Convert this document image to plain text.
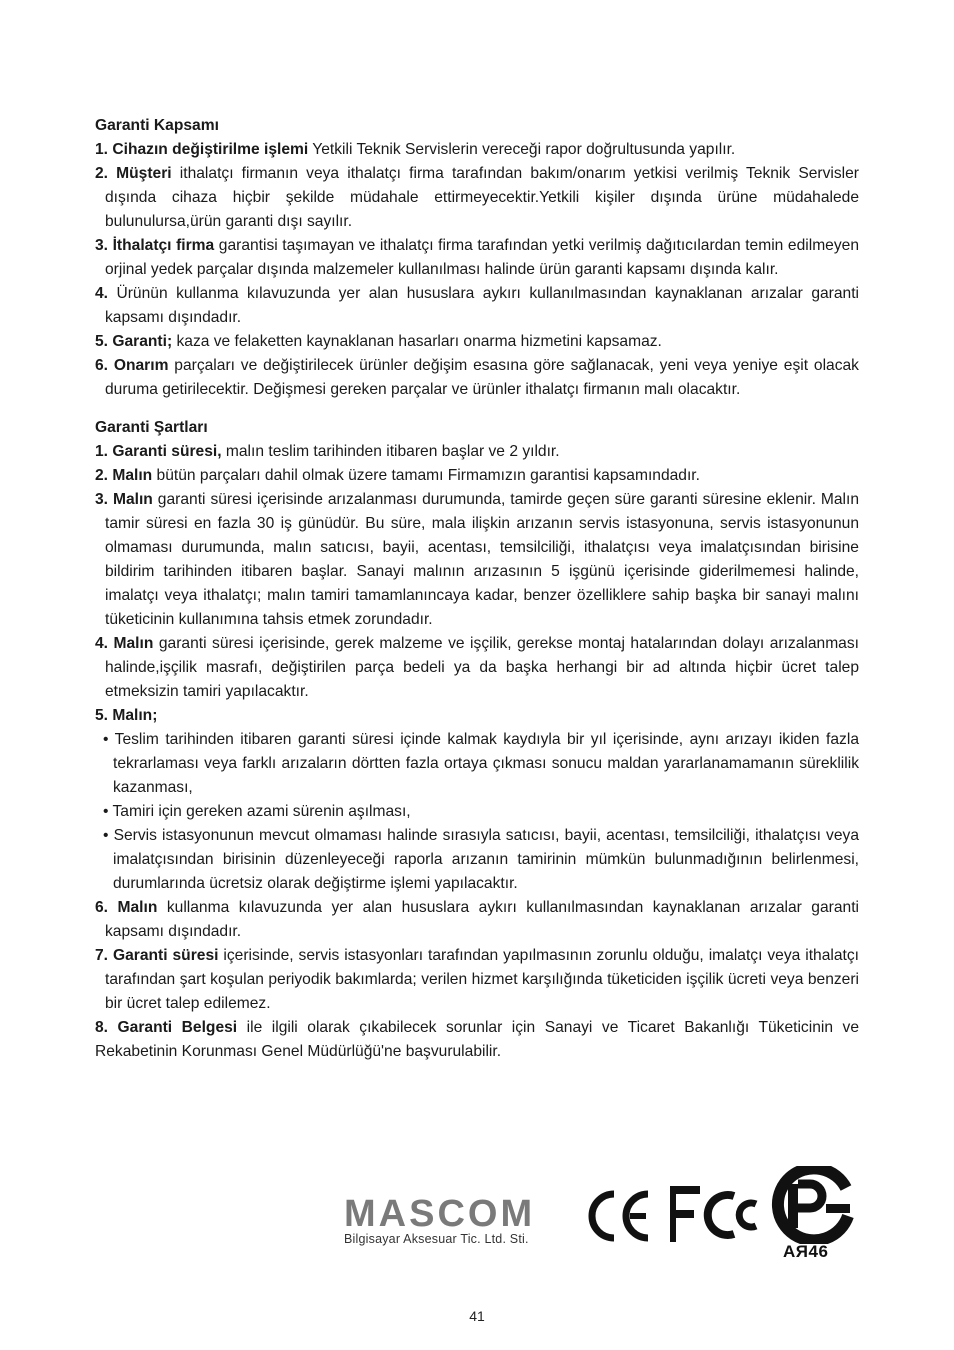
Garanti Kapsamı

1. Cihazın değiştirilme işlemi Yetkili Teknik Servislerin vereceği rapor doğrultusunda yapılır.

2. Müşteri ithalatçı firmanın veya ithalatçı firma tarafından bakım/onarım yetkisi verilmiş Teknik Servisler dışında cihaza hiçbir şekilde müdahale ettirmeyecektir.Yetkili kişiler dışında ürüne müdahalede bulunulursa,ürün garanti dışı sayılır.

3. İthalatçı firma garantisi taşımayan ve ithalatçı firma tarafından yetki verilmiş dağıtıcılardan temin edilmeyen orjinal yedek parçalar dışında malzemeler kullanılması halinde ürün garanti kapsamı dışında kalır.

4. Ürünün kullanma kılavuzunda yer alan hususlara aykırı kullanılmasından kaynaklanan arızalar garanti kapsamı dışındadır.

5. Garanti; kaza ve felaketten kaynaklanan hasarları onarma hizmetini kapsamaz.

6. Onarım parçaları ve değiştirilecek ürünler değişim esasına göre sağlanacak, yeni veya yeniye eşit olacak duruma getirilecektir. Değişmesi gereken parçalar ve ürünler ithalatçı firmanın malı olacaktır.

Garanti Şartları

1. Garanti süresi, malın teslim tarihinden itibaren başlar ve 2 yıldır.

2. Malın bütün parçaları dahil olmak üzere tamamı Firmamızın garantisi kapsamındadır.

3. Malın garanti süresi içerisinde arızalanması durumunda, tamirde geçen süre garanti süresine eklenir. Malın tamir süresi en fazla 30 iş günüdür. Bu süre, mala ilişkin arızanın servis istasyonuna, servis istasyonunun olmaması durumunda, malın satıcısı, bayii, acentası, temsilciliği, ithalatçısı veya imalatçısından birisine bildirim tarihinden itibaren başlar. Sanayi malının arızasının 5 işgünü içerisinde giderilmemesi halinde, imalatçı veya ithalatçı; malın tamiri tamamlanıncaya kadar, benzer özelliklere sahip başka bir sanayi malını tüketicinin kullanımına tahsis etmek zorundadır.

4. Malın garanti süresi içerisinde, gerek malzeme ve işçilik, gerekse montaj hatalarından dolayı arızalanması halinde,işçilik masrafı, değiştirilen parça bedeli ya da başka herhangi bir ad altında hiçbir ücret talep etmeksizin tamiri yapılacaktır.

5. Malın;

• Teslim tarihinden itibaren garanti süresi içinde kalmak kaydıyla bir yıl içerisinde, aynı arızayı ikiden fazla tekrarlaması veya farklı arızaların dörtten fazla ortaya çıkması sonucu maldan yararlanamamanın süreklilik kazanması,

• Tamiri için gereken azami sürenin aşılması,

• Servis istasyonunun mevcut olmaması halinde sırasıyla satıcısı, bayii, acentası, temsilciliği, ithalatçısı veya imalatçısından birisinin düzenleyeceği raporla arızanın tamirinin mümkün bulunmadığının belirlenmesi, durumlarında ücretsiz olarak değiştirme işlemi yapılacaktır.

6. Malın kullanma kılavuzunda yer alan hususlara aykırı kullanılmasından kaynaklanan arızalar garanti kapsamı dışındadır.

7. Garanti süresi içerisinde, servis istasyonları tarafından yapılmasının zorunlu olduğu, imalatçı veya ithalatçı tarafından şart koşulan periyodik bakımlarda; verilen hizmet karşılığında tüketiciden işçilik ücreti veya benzeri bir ücret talep edilemez.

8. Garanti Belgesi ile ilgili olarak çıkabilecek sorunlar için Sanayi ve Ticaret Bakanlığı Tüketicinin ve Rekabetinin Korunması Genel Müdürlüğü'ne başvurulabilir.

MASCOM
Bilgisayar Aksesuar Tic. Ltd. Sti.
АЯ46
41
